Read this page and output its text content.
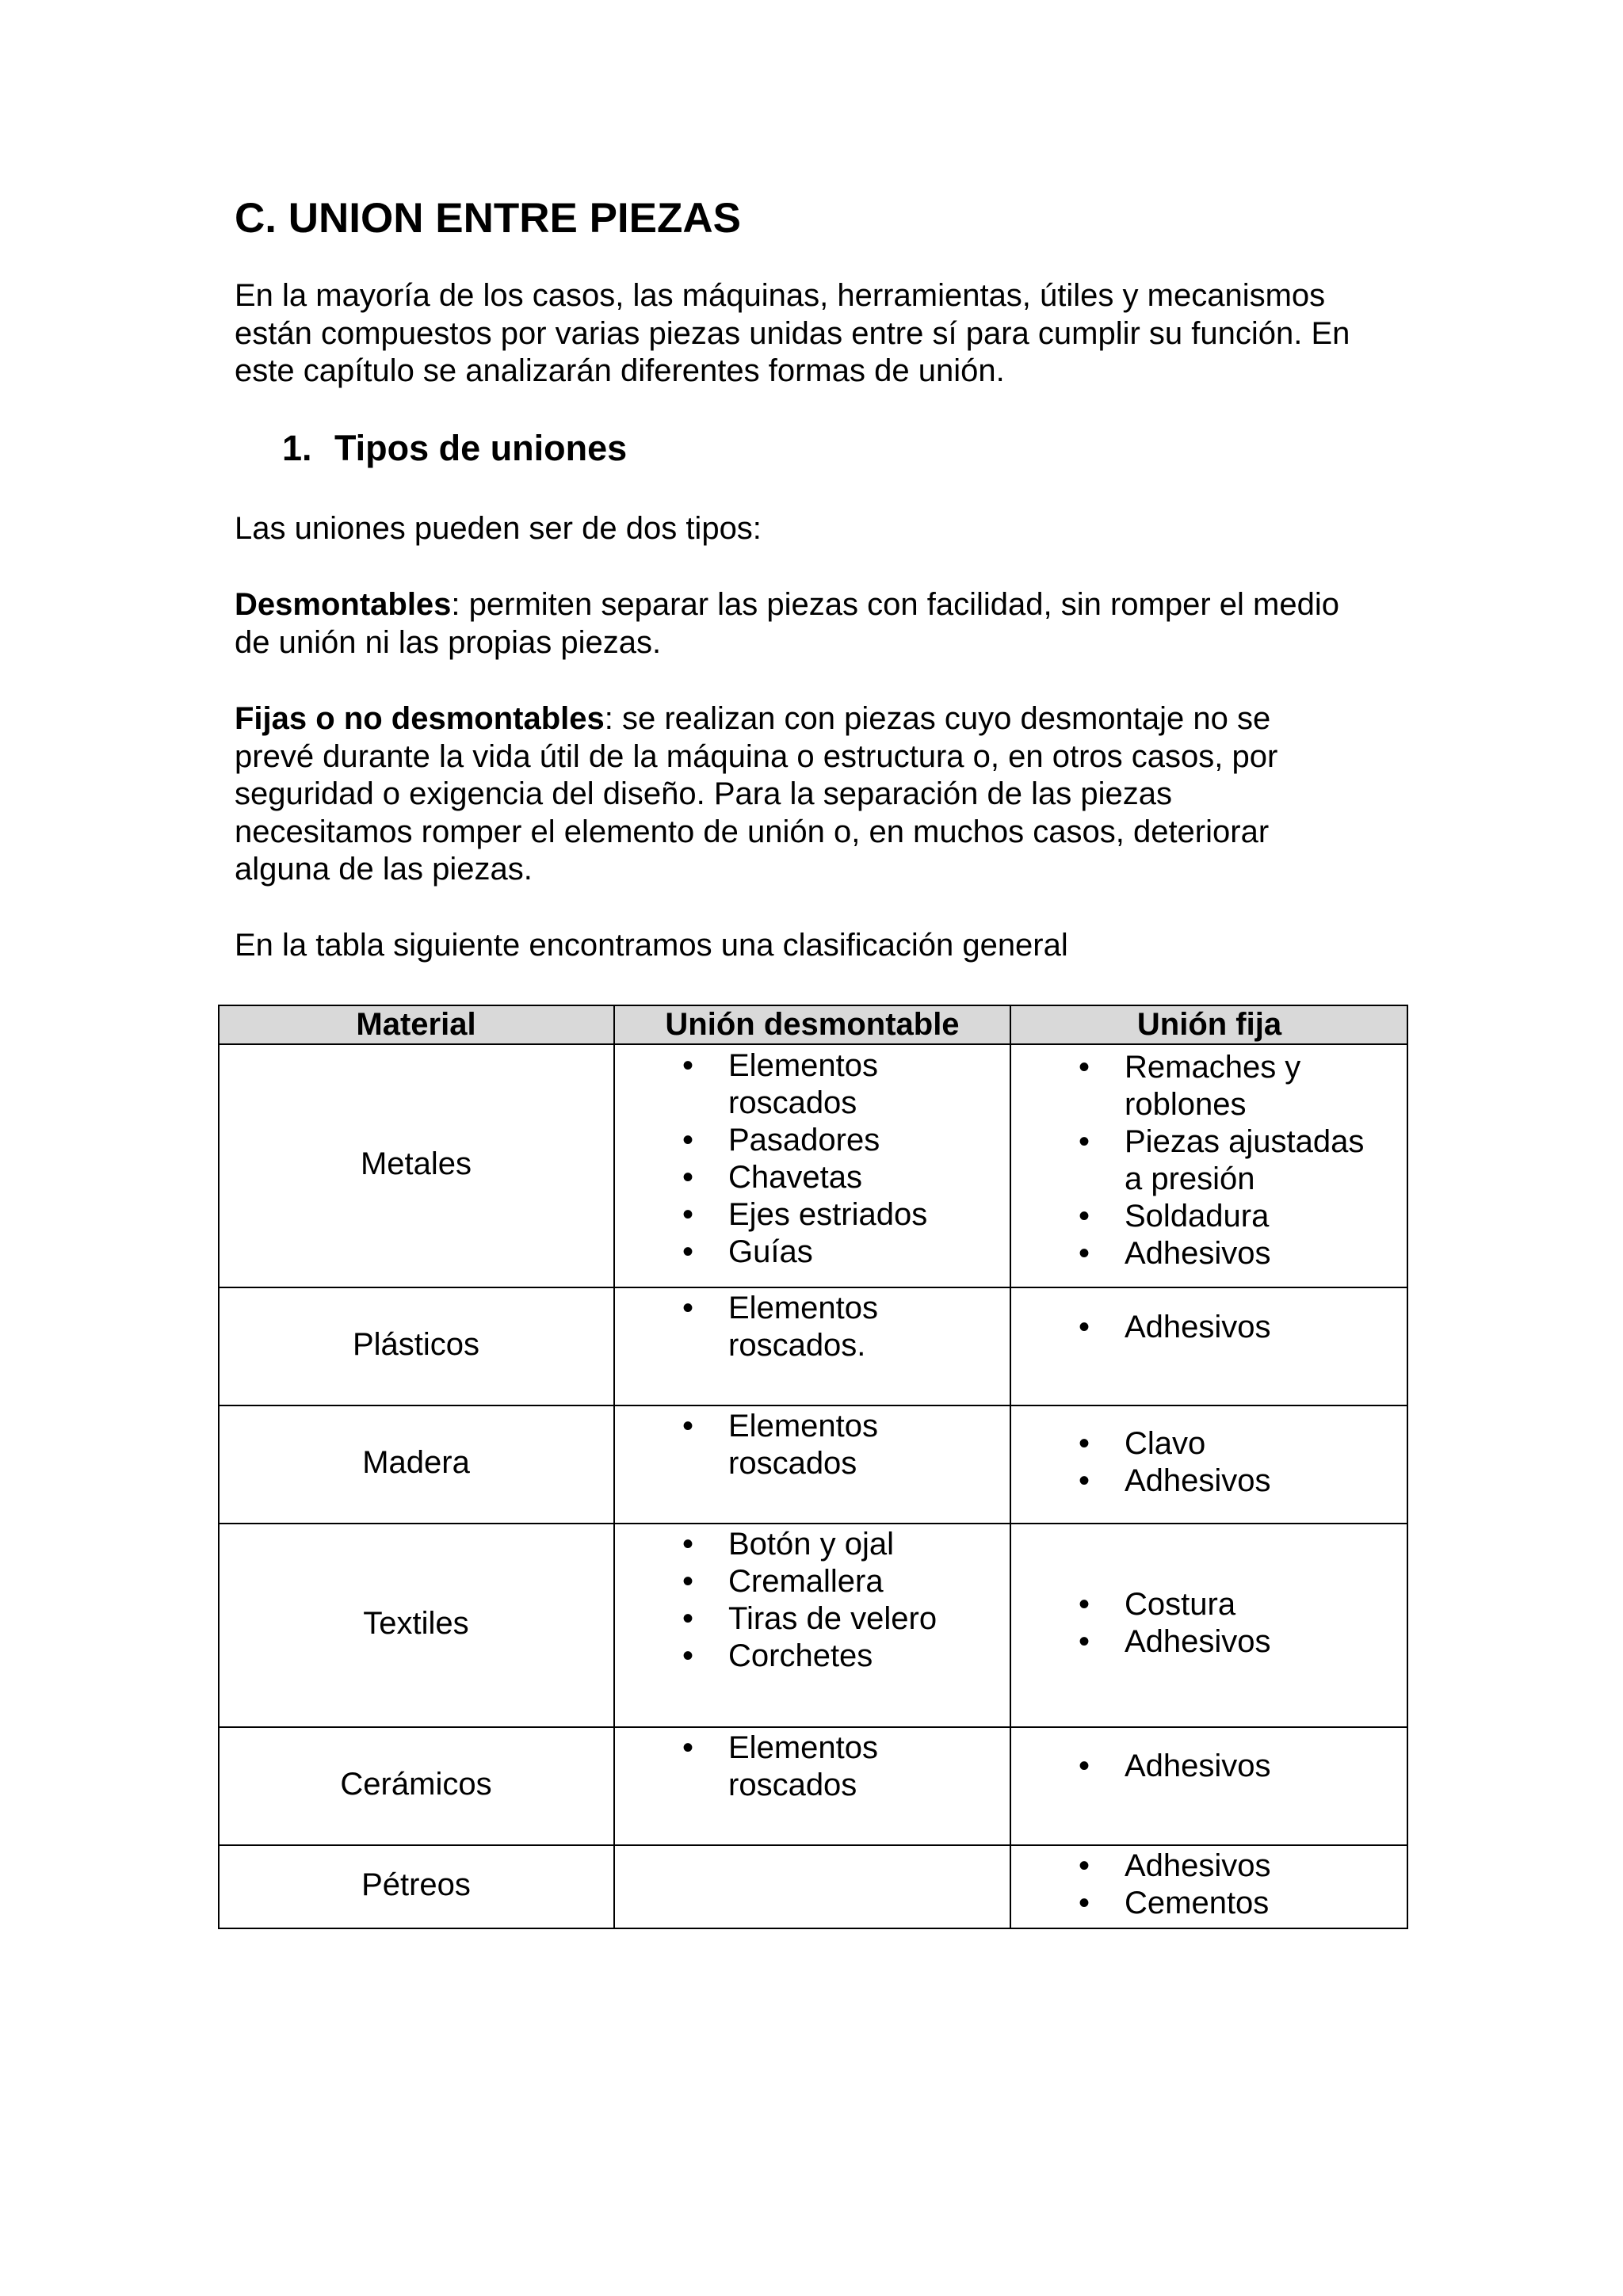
C. UNION ENTRE PIEZAS

En la mayoría de los casos, las máquinas, herramientas, útiles y mecanismos
están compuestos por varias piezas unidas entre sí para cumplir su función. En
este capítulo se analizarán diferentes formas de unión.

1. Tipos de uniones

Las uniones pueden ser de dos tipos:

Desmontables: permiten separar las piezas con facilidad, sin romper el medio
de unión ni las propias piezas.

Fijas o no desmontables: se realizan con piezas cuyo desmontaje no se
prevé durante la vida útil de la máquina o estructura o, en otros casos, por
seguridad o exigencia del diseño. Para la separación de las piezas
necesitamos romper el elemento de unión o, en muchos casos, deteriorar
alguna de las piezas.

En la tabla siguiente encontramos una clasificación general

Material	Unión desmontable	Unión fija
Metales
• Elementos
roscados
• Pasadores
• Chavetas
• Ejes estriados
• Guías
• Remaches y
roblones
• Piezas ajustadas
a presión
• Soldadura
• Adhesivos
Plásticos
• Elementos
roscados.
• Adhesivos
Madera
• Elementos
roscados
• Clavo
• Adhesivos
Textiles
• Botón y ojal
• Cremallera
• Tiras de velero
• Corchetes
• Costura
• Adhesivos
Cerámicos
• Elementos
roscados
• Adhesivos
Pétreos
• Adhesivos
• Cementos
